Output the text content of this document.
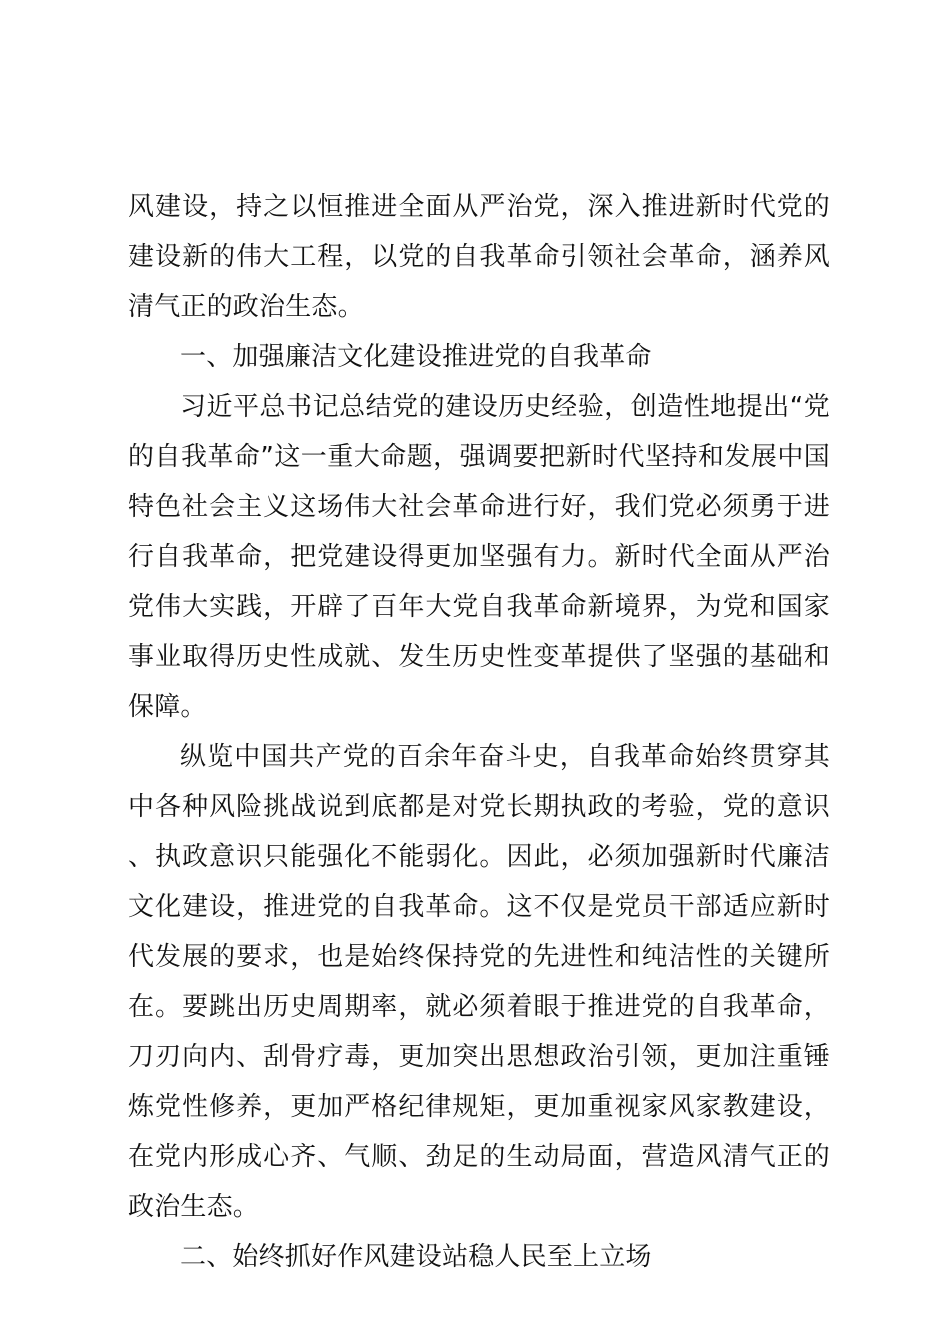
风建设，持之以恒推进全面从严治党，深入推进新时代党的建设新的伟大工程，以党的自我革命引领社会革命，涵养风清气正的政治生态。

一、加强廉洁文化建设推进党的自我革命

习近平总书记总结党的建设历史经验，创造性地提出“党的自我革命”这一重大命题，强调要把新时代坚持和发展中国特色社会主义这场伟大社会革命进行好，我们党必须勇于进行自我革命，把党建设得更加坚强有力。新时代全面从严治党伟大实践，开辟了百年大党自我革命新境界，为党和国家事业取得历史性成就、发生历史性变革提供了坚强的基础和保障。

纵览中国共产党的百余年奋斗史，自我革命始终贯穿其中各种风险挑战说到底都是对党长期执政的考验，党的意识、执政意识只能强化不能弱化。因此，必须加强新时代廉洁文化建设，推进党的自我革命。这不仅是党员干部适应新时代发展的要求，也是始终保持党的先进性和纯洁性的关键所在。要跳出历史周期率，就必须着眼于推进党的自我革命，刀刃向内、刮骨疗毒，更加突出思想政治引领，更加注重锤炼党性修养，更加严格纪律规矩，更加重视家风家教建设，在党内形成心齐、气顺、劲足的生动局面，营造风清气正的政治生态。

二、始终抓好作风建设站稳人民至上立场
